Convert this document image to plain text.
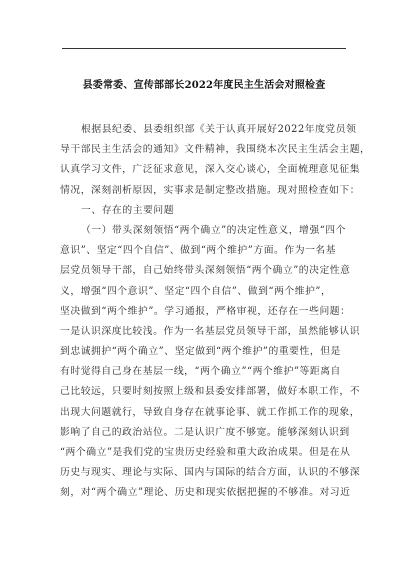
县委常委、宣传部部长2022年度民主生活会对照检查
根据县纪委、县委组织部《关于认真开展好2022年度党员领
导干部民主生活会的通知》文件精神，我围绕本次民主生活会主题，
认真学习文件，广泛征求意见，深入交心谈心，全面梳理意见征集
情况，深刻剖析原因，实事求是制定整改措施。现对照检查如下：
一、存在的主要问题
（一）带头深刻领悟“两个确立”的决定性意义，增强“四个
意识”、坚定“四个自信”、做到“两个维护”方面。作为一名基
层党员领导干部，自己始终带头深刻领悟“两个确立”的决定性意
义，增强“四个意识”、坚定“四个自信”、做到“两个维护”，
坚决做到“两个维护”。学习通报，严格审视，还存在一些问题：
一是认识深度比较浅。作为一名基层党员领导干部，虽然能够认识
到忠诚拥护“两个确立”、坚定做到“两个维护”的重要性，但是
有时觉得自己身在基层一线，“两个确立”“两个维护”等距离自
己比较远，只要时刻按照上级和县委安排部署，做好本职工作，不
出现大问题就行，导致自身存在就事论事、就工作抓工作的现象，
影响了自己的政治站位。二是认识广度不够宽。能够深刻认识到
“两个确立”是我们党的宝贵历史经验和重大政治成果。但是在从
历史与现实、理论与实际、国内与国际的结合方面，认识的不够深
刻，对“两个确立”理论、历史和现实依据把握的不够准。对习近
